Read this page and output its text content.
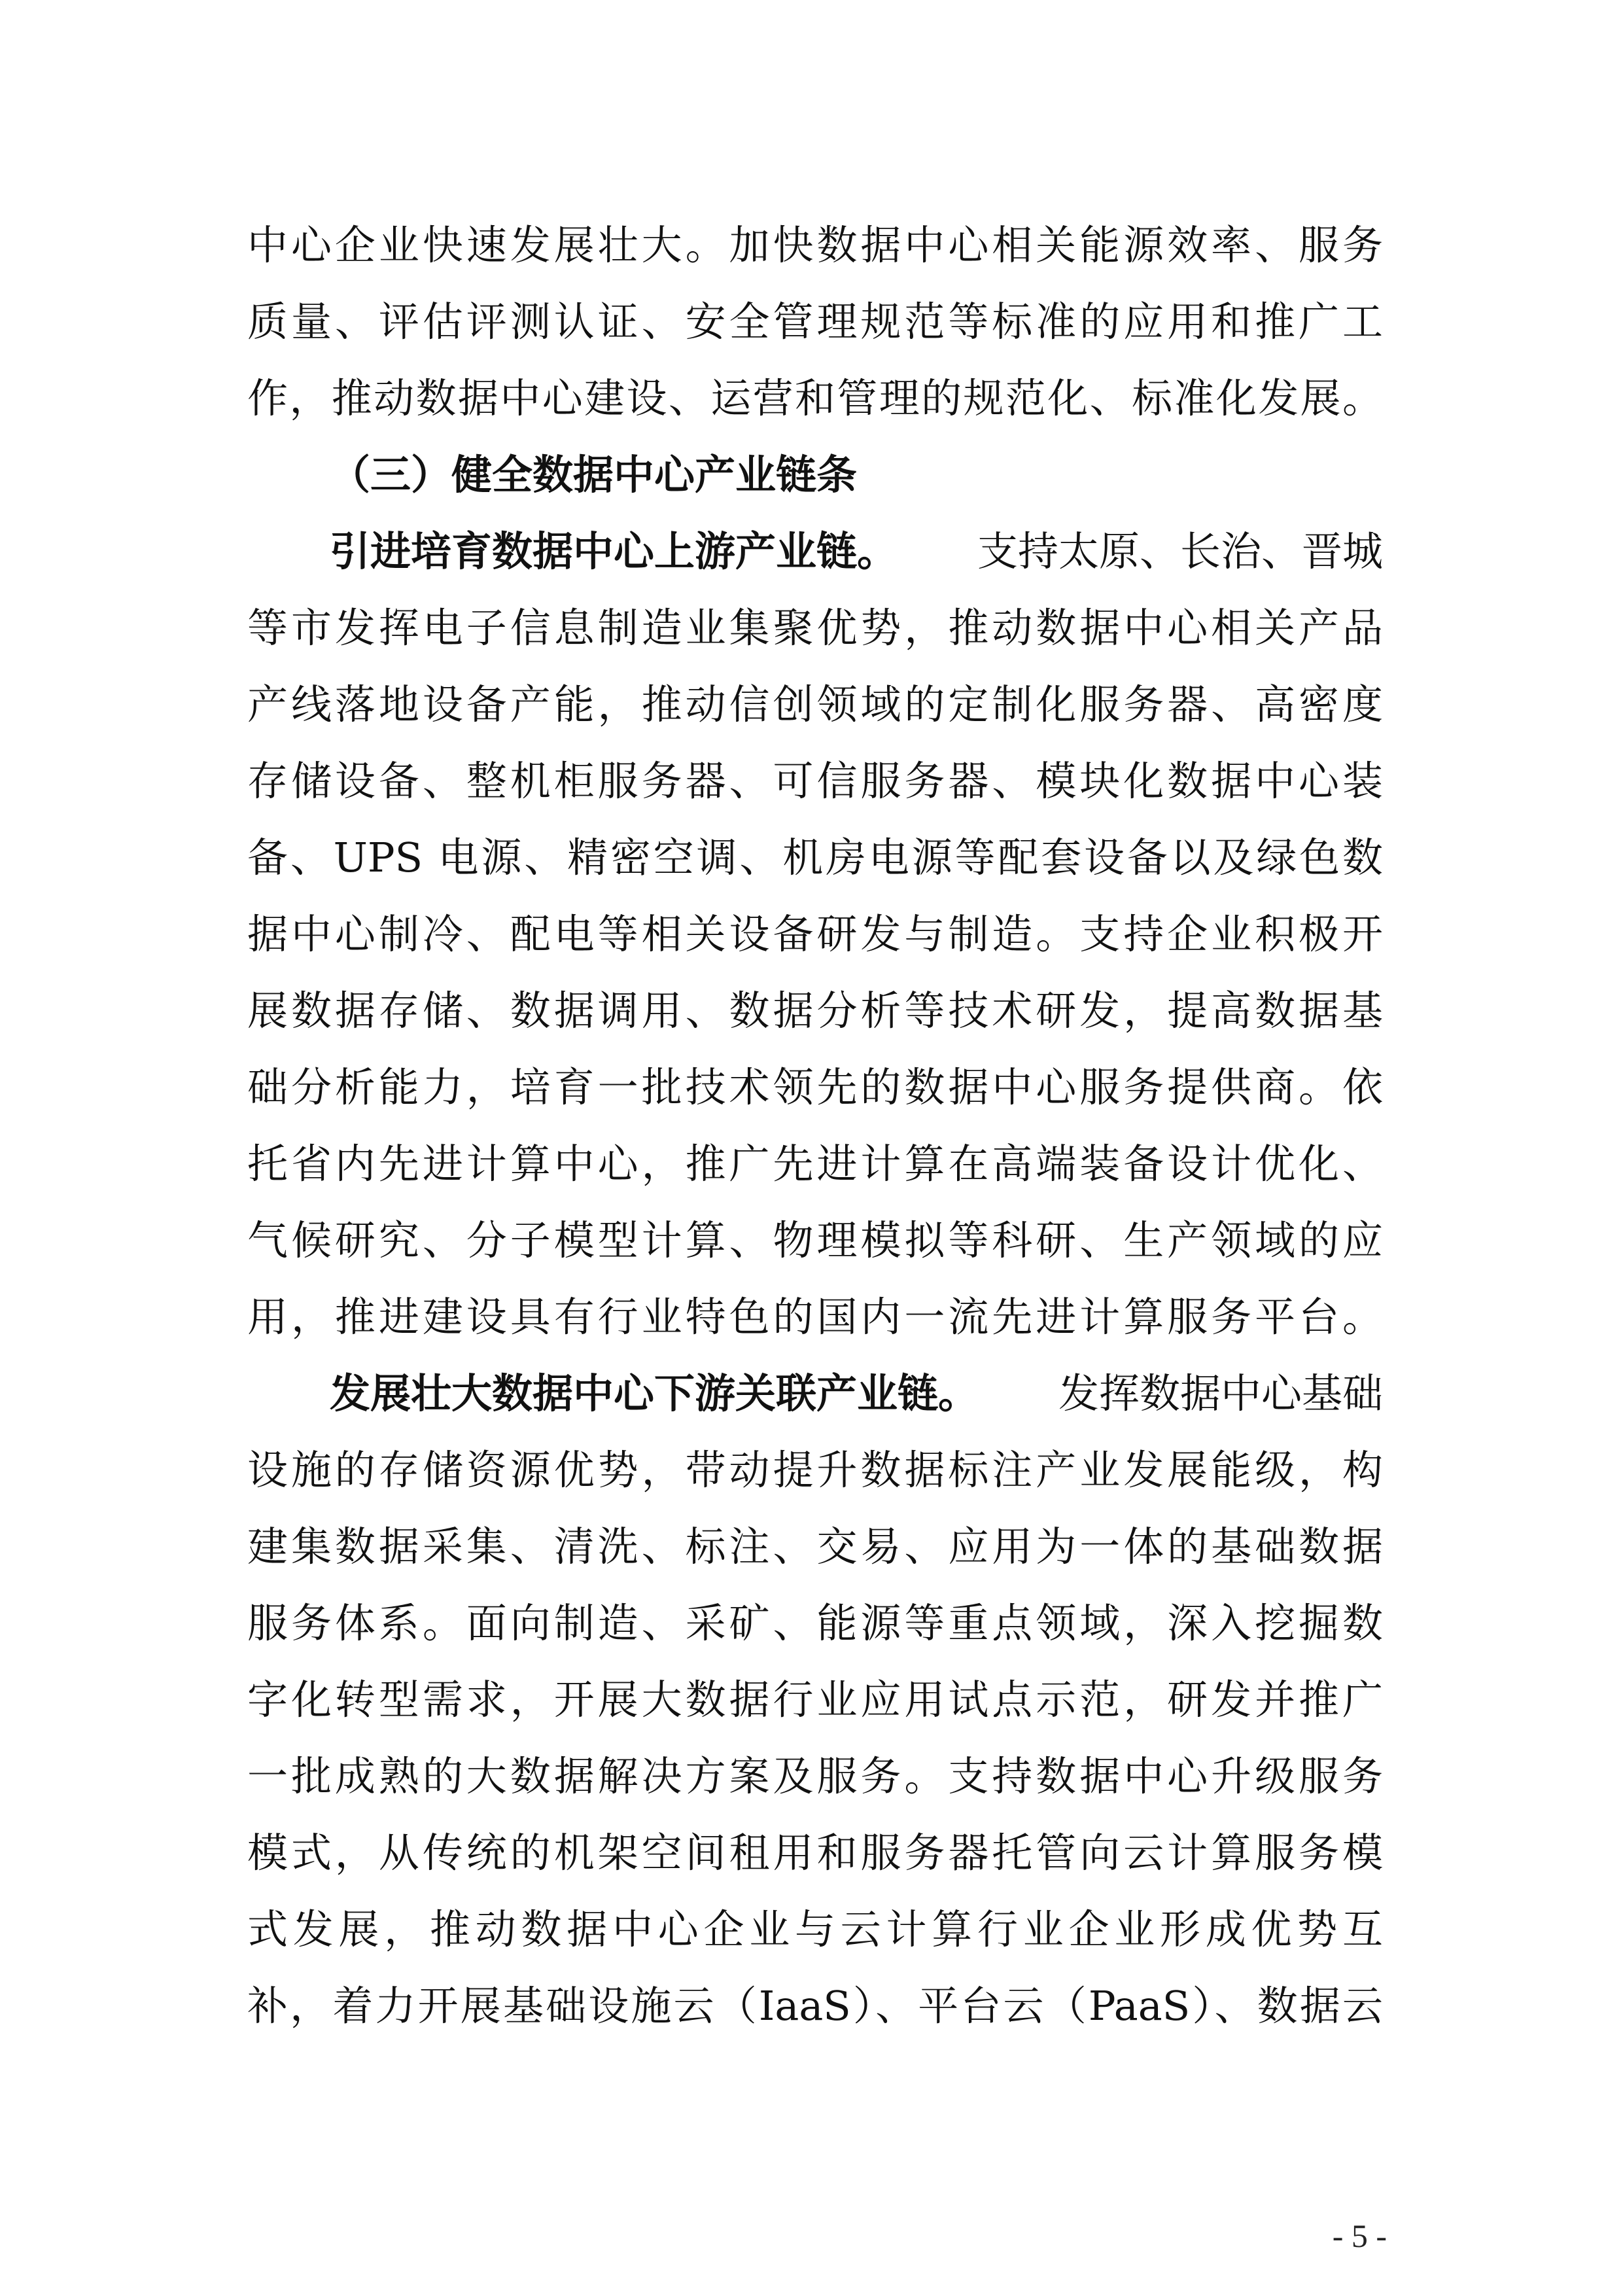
中心企业快速发展壮大。加快数据中心相关能源效率、服务
质量、评估评测认证、安全管理规范等标准的应用和推广工
作，推动数据中心建设、运营和管理的规范化、标准化发展。
（三）健全数据中心产业链条
引进培育数据中心上游产业链。 支持太原、长治、晋城
等市发挥电子信息制造业集聚优势，推动数据中心相关产品
产线落地设备产能，推动信创领域的定制化服务器、高密度
存储设备、整机柜服务器、可信服务器、模块化数据中心装
备、UPS 电源、精密空调、机房电源等配套设备以及绿色数
据中心制冷、配电等相关设备研发与制造。支持企业积极开
展数据存储、数据调用、数据分析等技术研发，提高数据基
础分析能力，培育一批技术领先的数据中心服务提供商。依
托省内先进计算中心，推广先进计算在高端装备设计优化、
气候研究、分子模型计算、物理模拟等科研、生产领域的应
用，推进建设具有行业特色的国内一流先进计算服务平台。
发展壮大数据中心下游关联产业链。 发挥数据中心基础
设施的存储资源优势，带动提升数据标注产业发展能级，构
建集数据采集、清洗、标注、交易、应用为一体的基础数据
服务体系。面向制造、采矿、能源等重点领域，深入挖掘数
字化转型需求，开展大数据行业应用试点示范，研发并推广
一批成熟的大数据解决方案及服务。支持数据中心升级服务
模式，从传统的机架空间租用和服务器托管向云计算服务模
式发展，推动数据中心企业与云计算行业企业形成优势互
补，着力开展基础设施云（IaaS）、平台云（PaaS）、数据云
- 5 -
